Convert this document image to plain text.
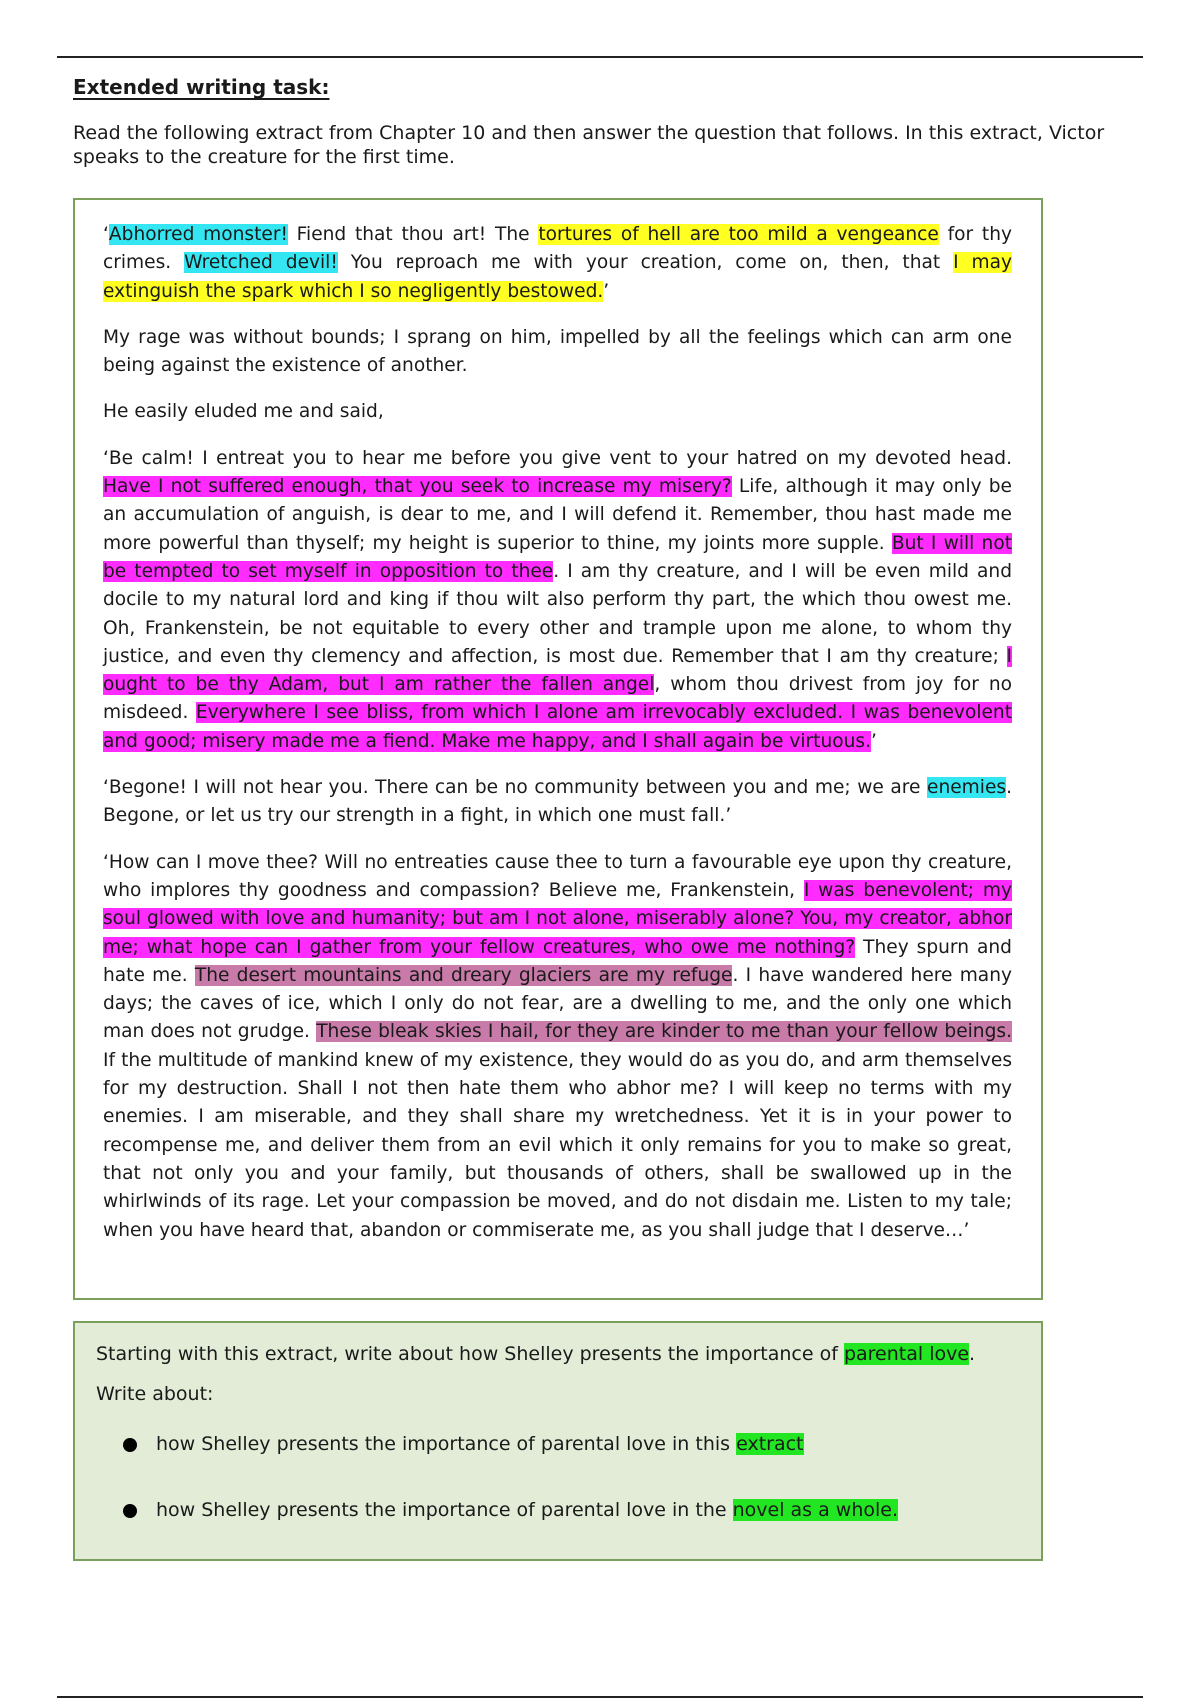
Extended writing task:
Read the following extract from Chapter 10 and then answer the question that follows. In this extract, Victor speaks to the creature for the first time.

‘Abhorred monster! Fiend that thou art! The tortures of hell are too mild a vengeance for thy crimes. Wretched devil! You reproach me with your creation, come on, then, that I may extinguish the spark which I so negligently bestowed.’

My rage was without bounds; I sprang on him, impelled by all the feelings which can arm one being against the existence of another.

He easily eluded me and said,

‘Be calm! I entreat you to hear me before you give vent to your hatred on my devoted head. Have I not suffered enough, that you seek to increase my misery? Life, although it may only be an accumulation of anguish, is dear to me, and I will defend it. Remember, thou hast made me more powerful than thyself; my height is superior to thine, my joints more supple. But I will not be tempted to set myself in opposition to thee. I am thy creature, and I will be even mild and docile to my natural lord and king if thou wilt also perform thy part, the which thou owest me. Oh, Frankenstein, be not equitable to every other and trample upon me alone, to whom thy justice, and even thy clemency and affection, is most due. Remember that I am thy creature; I ought to be thy Adam, but I am rather the fallen angel, whom thou drivest from joy for no misdeed. Everywhere I see bliss, from which I alone am irrevocably excluded. I was benevolent and good; misery made me a fiend. Make me happy, and I shall again be virtuous.’

‘Begone! I will not hear you. There can be no community between you and me; we are enemies. Begone, or let us try our strength in a fight, in which one must fall.’

‘How can I move thee? Will no entreaties cause thee to turn a favourable eye upon thy creature, who implores thy goodness and compassion? Believe me, Frankenstein, I was benevolent; my soul glowed with love and humanity; but am I not alone, miserably alone? You, my creator, abhor me; what hope can I gather from your fellow creatures, who owe me nothing? They spurn and hate me. The desert mountains and dreary glaciers are my refuge. I have wandered here many days; the caves of ice, which I only do not fear, are a dwelling to me, and the only one which man does not grudge. These bleak skies I hail, for they are kinder to me than your fellow beings. If the multitude of mankind knew of my existence, they would do as you do, and arm themselves for my destruction. Shall I not then hate them who abhor me? I will keep no terms with my enemies. I am miserable, and they shall share my wretchedness. Yet it is in your power to recompense me, and deliver them from an evil which it only remains for you to make so great, that not only you and your family, but thousands of others, shall be swallowed up in the whirlwinds of its rage. Let your compassion be moved, and do not disdain me. Listen to my tale; when you have heard that, abandon or commiserate me, as you shall judge that I deserve…’

Starting with this extract, write about how Shelley presents the importance of parental love.

Write about:

how Shelley presents the importance of parental love in this extract
how Shelley presents the importance of parental love in the novel as a whole.
